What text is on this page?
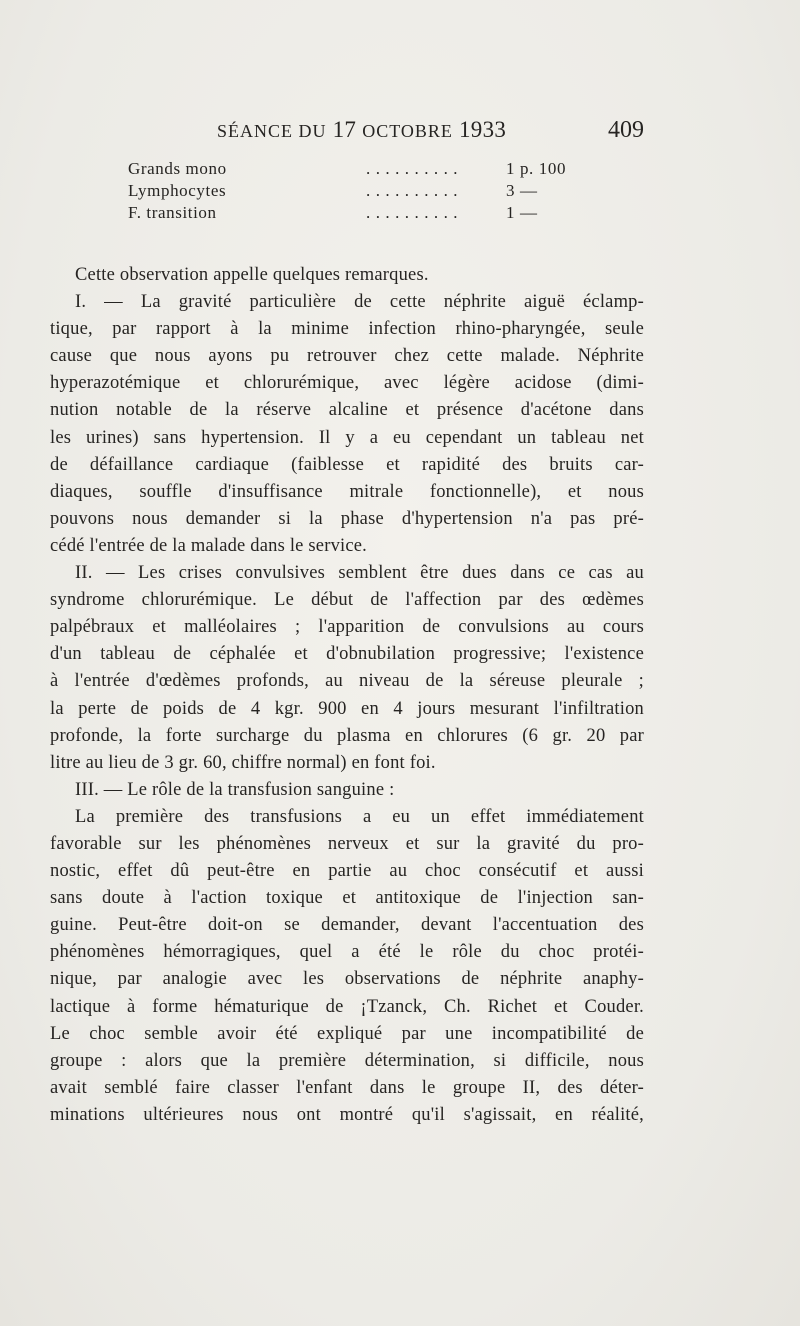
SÉANCE DU 17 OCTOBRE 1933	409
Grands mono	. . . . . . . . . .	1 p. 100
Lymphocytes	. . . . . . . . . .	3 —
F. transition	. . . . . . . . . .	1 —
Cette observation appelle quelques remarques.
I. — La gravité particulière de cette néphrite aiguë éclamp-
tique, par rapport à la minime infection rhino-pharyngée, seule
cause que nous ayons pu retrouver chez cette malade. Néphrite
hyperazotémique et chlorurémique, avec légère acidose (dimi-
nution notable de la réserve alcaline et présence d'acétone dans
les urines) sans hypertension. Il y a eu cependant un tableau net
de défaillance cardiaque (faiblesse et rapidité des bruits car-
diaques, souffle d'insuffisance mitrale fonctionnelle), et nous
pouvons nous demander si la phase d'hypertension n'a pas pré-
cédé l'entrée de la malade dans le service.
II. — Les crises convulsives semblent être dues dans ce cas au
syndrome chlorurémique. Le début de l'affection par des œdèmes
palpébraux et malléolaires ; l'apparition de convulsions au cours
d'un tableau de céphalée et d'obnubilation progressive; l'existence
à l'entrée d'œdèmes profonds, au niveau de la séreuse pleurale ;
la perte de poids de 4 kgr. 900 en 4 jours mesurant l'infiltration
profonde, la forte surcharge du plasma en chlorures (6 gr. 20 par
litre au lieu de 3 gr. 60, chiffre normal) en font foi.
III. — Le rôle de la transfusion sanguine :
La première des transfusions a eu un effet immédiatement
favorable sur les phénomènes nerveux et sur la gravité du pro-
nostic, effet dû peut-être en partie au choc consécutif et aussi
sans doute à l'action toxique et antitoxique de l'injection san-
guine. Peut-être doit-on se demander, devant l'accentuation des
phénomènes hémorragiques, quel a été le rôle du choc protéi-
nique, par analogie avec les observations de néphrite anaphy-
lactique à forme hématurique de ¡Tzanck, Ch. Richet et Couder.
Le choc semble avoir été expliqué par une incompatibilité de
groupe : alors que la première détermination, si difficile, nous
avait semblé faire classer l'enfant dans le groupe II, des déter-
minations ultérieures nous ont montré qu'il s'agissait, en réalité,
